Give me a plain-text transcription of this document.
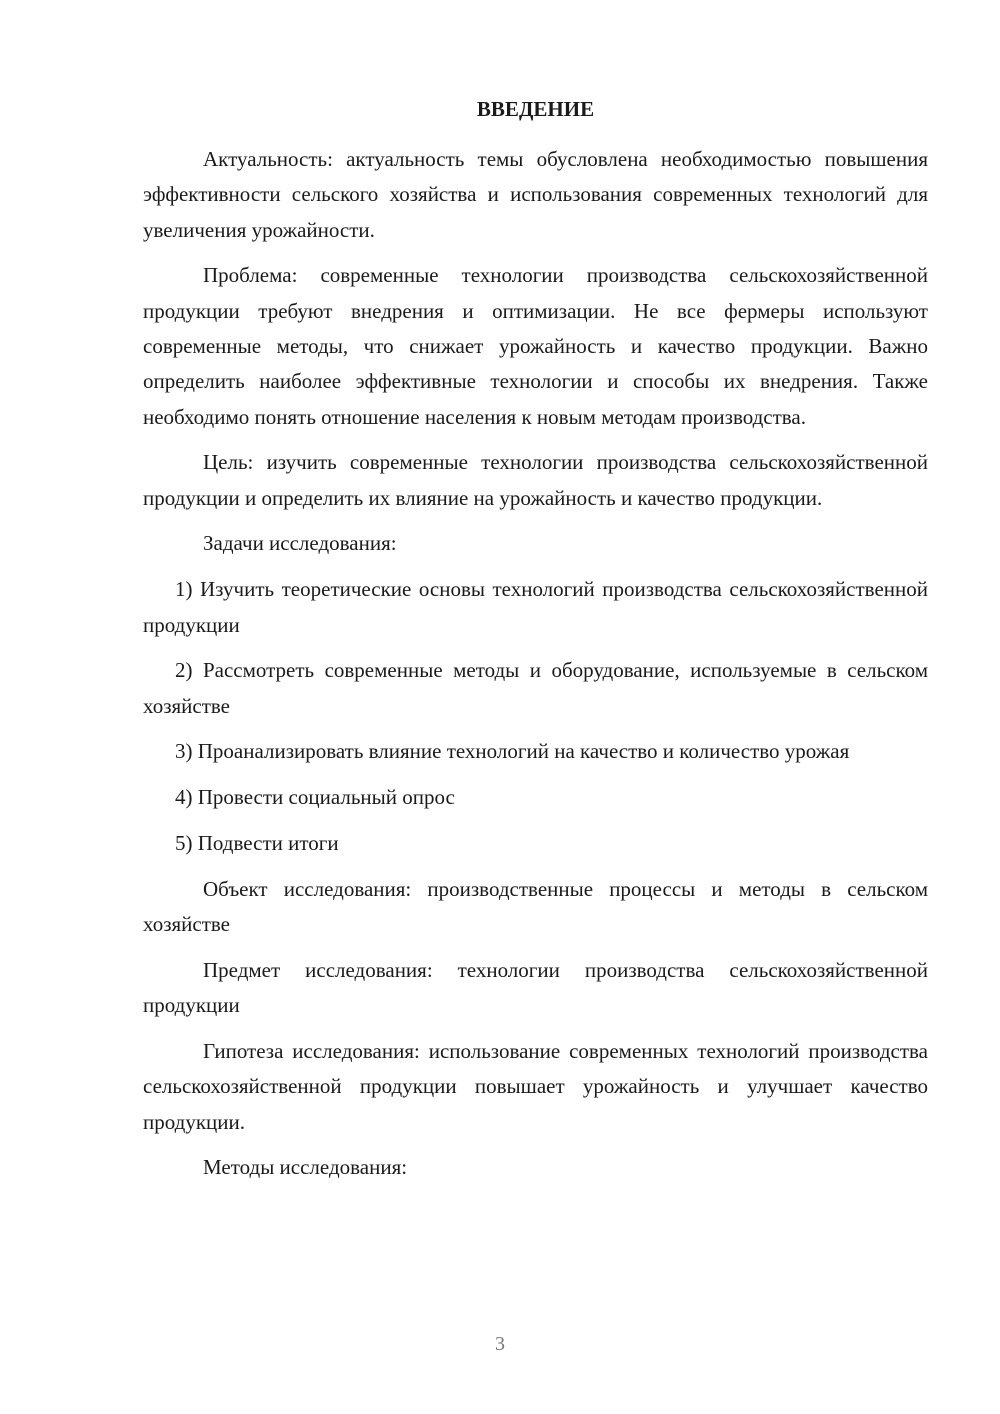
ВВЕДЕНИЕ

Актуальность: актуальность темы обусловлена необходимостью повышения эффективности сельского хозяйства и использования современных технологий для увеличения урожайности.

Проблема: современные технологии производства сельскохозяйственной продукции требуют внедрения и оптимизации. Не все фермеры используют современные методы, что снижает урожайность и качество продукции. Важно определить наиболее эффективные технологии и способы их внедрения. Также необходимо понять отношение населения к новым методам производства.

Цель: изучить современные технологии производства сельскохозяйственной продукции и определить их влияние на урожайность и качество продукции.

Задачи исследования:

1) Изучить теоретические основы технологий производства сельскохозяйственной продукции

2) Рассмотреть современные методы и оборудование, используемые в сельском хозяйстве

3) Проанализировать влияние технологий на качество и количество урожая

4) Провести социальный опрос

5) Подвести итоги

Объект исследования: производственные процессы и методы в сельском хозяйстве

Предмет исследования: технологии производства сельскохозяйственной продукции

Гипотеза исследования: использование современных технологий производства сельскохозяйственной продукции повышает урожайность и улучшает качество продукции.

Методы исследования:

3
